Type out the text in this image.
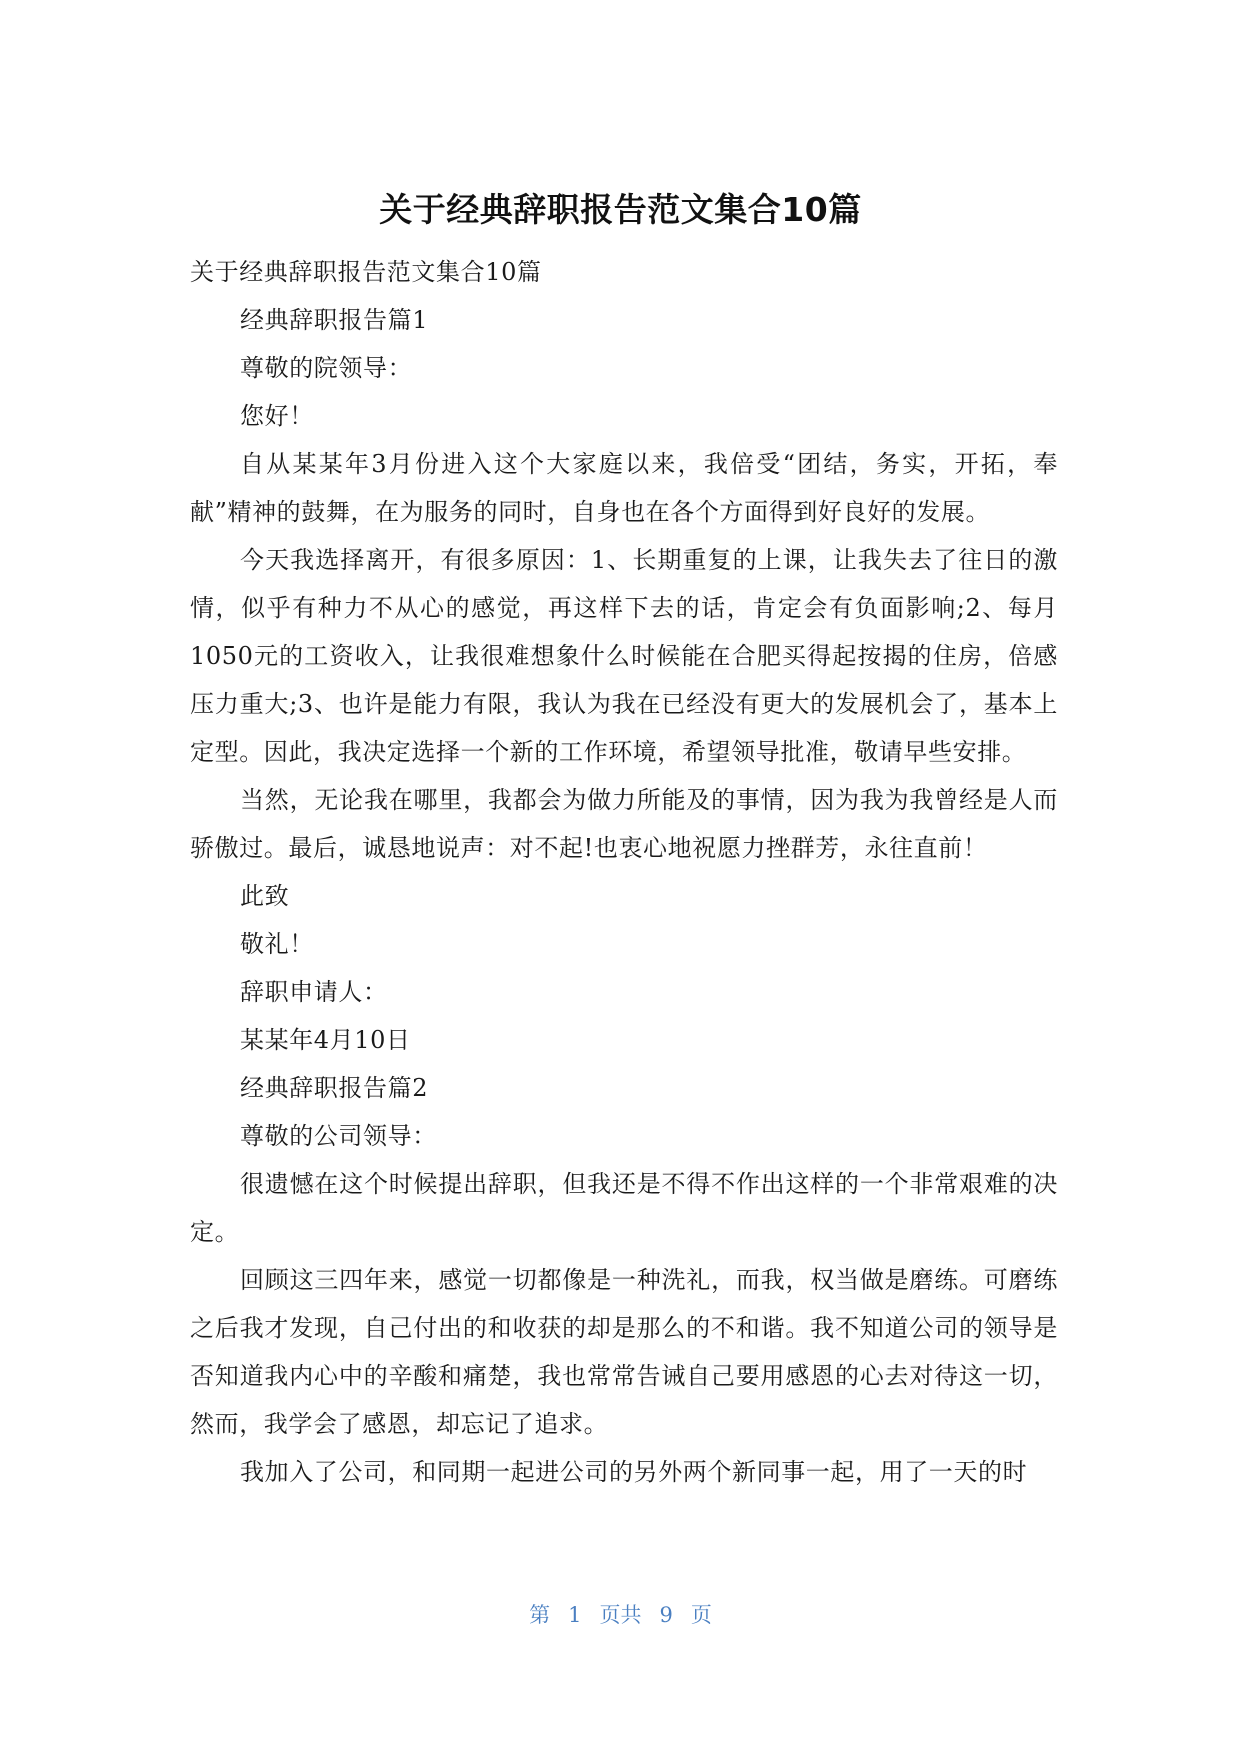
关于经典辞职报告范文集合10篇

关于经典辞职报告范文集合10篇

经典辞职报告篇1

尊敬的院领导：

您好！

自从某某年3月份进入这个大家庭以来，我倍受“团结，务实，开拓，奉献”精神的鼓舞，在为服务的同时，自身也在各个方面得到好良好的发展。

今天我选择离开，有很多原因：1、长期重复的上课，让我失去了往日的激情，似乎有种力不从心的感觉，再这样下去的话，肯定会有负面影响;2、每月1050元的工资收入，让我很难想象什么时候能在合肥买得起按揭的住房，倍感压力重大;3、也许是能力有限，我认为我在已经没有更大的发展机会了，基本上定型。因此，我决定选择一个新的工作环境，希望领导批准，敬请早些安排。

当然，无论我在哪里，我都会为做力所能及的事情，因为我为我曾经是人而骄傲过。最后，诚恳地说声：对不起!也衷心地祝愿力挫群芳，永往直前！

此致

敬礼！

辞职申请人：

某某年4月10日

经典辞职报告篇2

尊敬的公司领导：

很遗憾在这个时候提出辞职，但我还是不得不作出这样的一个非常艰难的决定。

回顾这三四年来，感觉一切都像是一种洗礼，而我，权当做是磨练。可磨练之后我才发现，自己付出的和收获的却是那么的不和谐。我不知道公司的领导是否知道我内心中的辛酸和痛楚，我也常常告诫自己要用感恩的心去对待这一切，然而，我学会了感恩，却忘记了追求。

我加入了公司，和同期一起进公司的另外两个新同事一起，用了一天的时

第 1 页共 9 页
